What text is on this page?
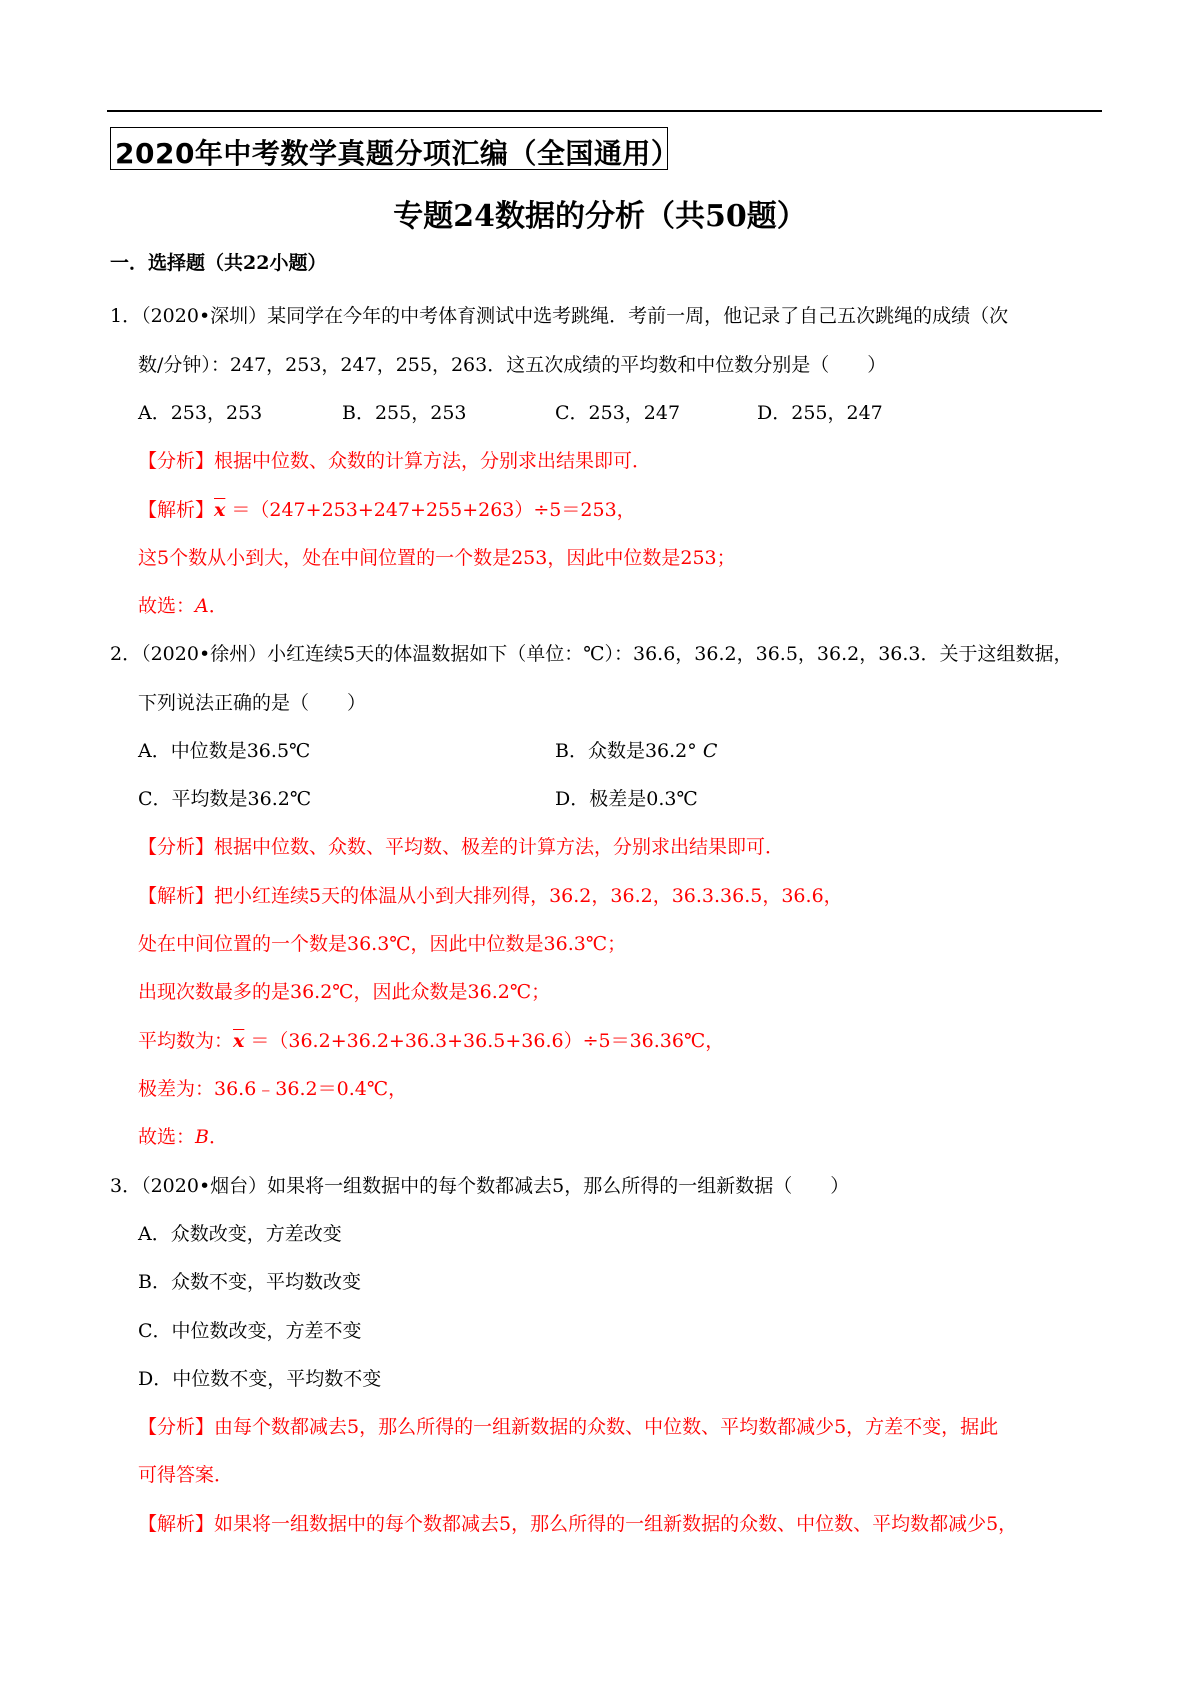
2020年中考数学真题分项汇编（全国通用）
专题24数据的分析（共50题）
一．选择题（共22小题）
1．（2020•深圳）某同学在今年的中考体育测试中选考跳绳．考前一周，他记录了自己五次跳绳的成绩（次
数/分钟）：247，253，247，255，263．这五次成绩的平均数和中位数分别是（　　）
A．253，253	B．255，253	C．253，247	D．255，247
【分析】根据中位数、众数的计算方法，分别求出结果即可．
【解析】$\overline{x} =(247+253+247+255+263)\div 5=253$，
这5个数从小到大，处在中间位置的一个数是253，因此中位数是253；
故选：A．
2．（2020•徐州）小红连续5天的体温数据如下（单位：℃）：36.6，36.2，36.5，36.2，36.3．关于这组数据，
下列说法正确的是（　　）
A．中位数是36.5℃	B．众数是36.2° C
C．平均数是36.2℃	D．极差是0.3℃
【分析】根据中位数、众数、平均数、极差的计算方法，分别求出结果即可．
【解析】把小红连续5天的体温从小到大排列得，36.2，36.2，36.3.36.5，36.6，
处在中间位置的一个数是36.3℃，因此中位数是36.3℃；
出现次数最多的是36.2℃，因此众数是36.2℃；
平均数为：$\overline{x}$ ＝（36.2+36.2+36.3+36.5+36.6）÷5＝36.36℃，
极差为：36.6﹣36.2＝0.4℃，
故选：B．
3．（2020•烟台）如果将一组数据中的每个数都减去5，那么所得的一组新数据（　　）
A．众数改变，方差改变
B．众数不变，平均数改变
C．中位数改变，方差不变
D．中位数不变，平均数不变
【分析】由每个数都减去5，那么所得的一组新数据的众数、中位数、平均数都减少5，方差不变，据此
可得答案．
【解析】如果将一组数据中的每个数都减去5，那么所得的一组新数据的众数、中位数、平均数都减少5，
